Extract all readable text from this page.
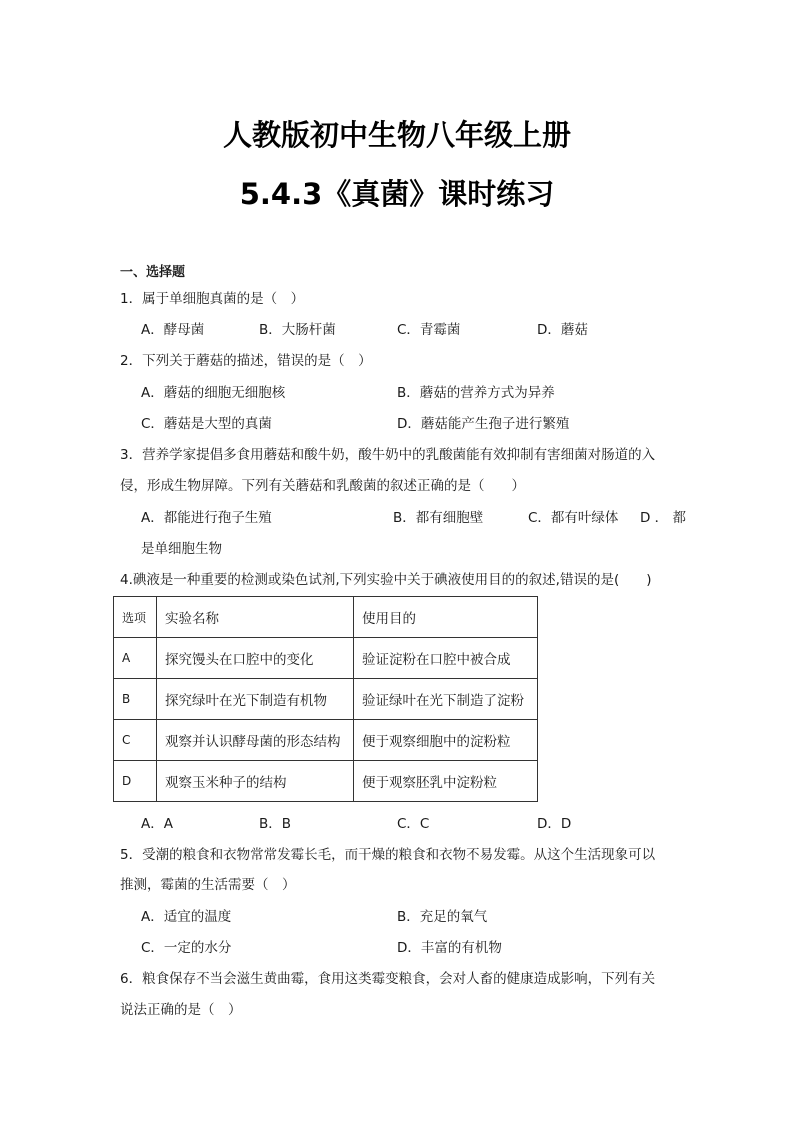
人教版初中生物八年级上册
5.4.3《真菌》课时练习
一、选择题
1．属于单细胞真菌的是（　）
A．酵母菌	B．大肠杆菌	C．青霉菌	D．蘑菇
2．下列关于蘑菇的描述，错误的是（　）
A．蘑菇的细胞无细胞核	B．蘑菇的营养方式为异养
C．蘑菇是大型的真菌	D．蘑菇能产生孢子进行繁殖
3．营养学家提倡多食用蘑菇和酸牛奶，酸牛奶中的乳酸菌能有效抑制有害细菌对肠道的入
侵，形成生物屏障。下列有关蘑菇和乳酸菌的叙述正确的是（　　）
A．都能进行孢子生殖	B．都有细胞壁	C．都有叶绿体 D ． 都
是单细胞生物
4.碘液是一种重要的检测或染色试剂,下列实验中关于碘液使用目的的叙述,错误的是(　　)
选项	实验名称	使用目的
A	探究馒头在口腔中的变化	验证淀粉在口腔中被合成
B	探究绿叶在光下制造有机物	验证绿叶在光下制造了淀粉
C	观察并认识酵母菌的形态结构	便于观察细胞中的淀粉粒
D	观察玉米种子的结构	便于观察胚乳中淀粉粒
A．A	B．B	C．C	D．D
5．受潮的粮食和衣物常常发霉长毛，而干燥的粮食和衣物不易发霉。从这个生活现象可以
推测，霉菌的生活需要（　）
A．适宜的温度	B．充足的氧气
C．一定的水分	D．丰富的有机物
6．粮食保存不当会滋生黄曲霉，食用这类霉变粮食，会对人畜的健康造成影响，下列有关
说法正确的是（　）
